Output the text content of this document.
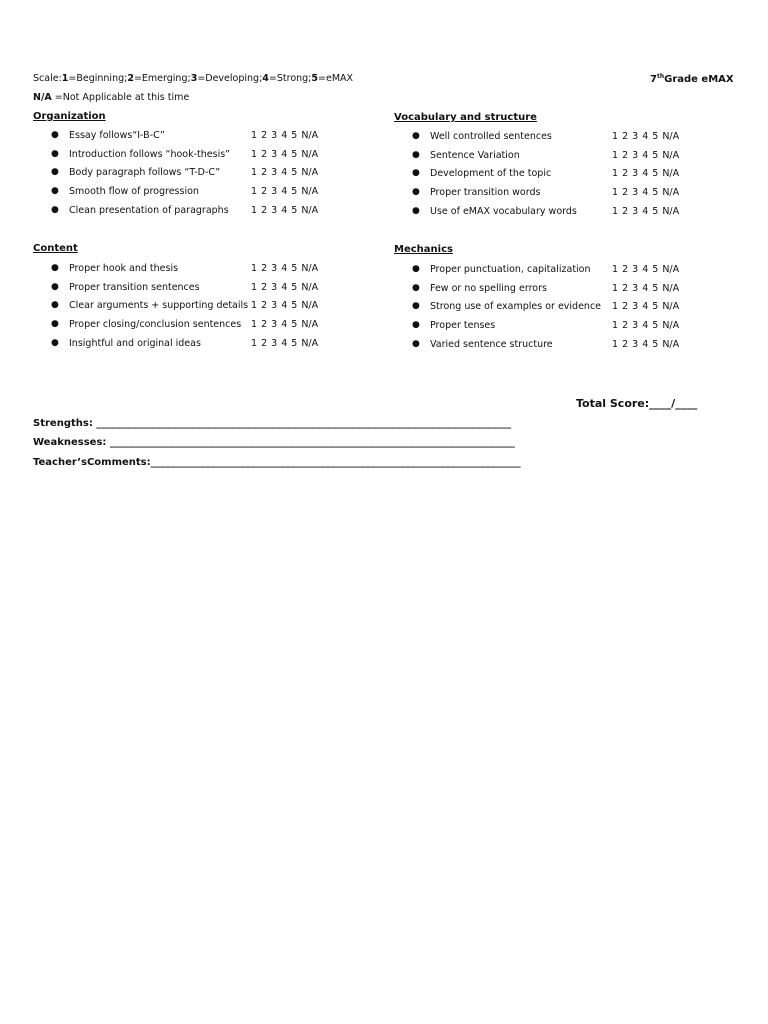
Scale:1=Beginning;2=Emerging;3=Developing;4=Strong;5=eMAX
N/A =Not Applicable at this time
7thGrade eMAX
Organization
● Essay follows“I-B-C”	1 2 3 4 5 N/A
● Introduction follows “hook-thesis” 1 2 3 4 5 N/A
● Body paragraph follows “T-D-C”	1 2 3 4 5 N/A
● Smooth flow of progression	1 2 3 4 5 N/A
● Clean presentation of paragraphs 1 2 3 4 5 N/A
Vocabulary and structure
● Well controlled sentences	1 2 3 4 5 N/A
● Sentence Variation	1 2 3 4 5 N/A
● Development of the topic	1 2 3 4 5 N/A
● Proper transition words	1 2 3 4 5 N/A
● Use of eMAX vocabulary words	1 2 3 4 5 N/A
Content
● Proper hook and thesis	1 2 3 4 5 N/A
● Proper transition sentences	1 2 3 4 5 N/A
● Clear arguments + supporting details 1 2 3 4 5 N/A
● Proper closing/conclusion sentences 1 2 3 4 5 N/A
● Insightful and original ideas	1 2 3 4 5 N/A
Mechanics
● Proper punctuation, capitalization 1 2 3 4 5 N/A
● Few or no spelling errors	1 2 3 4 5 N/A
● Strong use of examples or evidence 1 2 3 4 5 N/A
● Proper tenses	1 2 3 4 5 N/A
● Varied sentence structure	1 2 3 4 5 N/A
Total Score:____/____
Strengths: ___________________________________________________________________________________
Weaknesses: _________________________________________________________________________________
Teacher’sComments:__________________________________________________________________________
